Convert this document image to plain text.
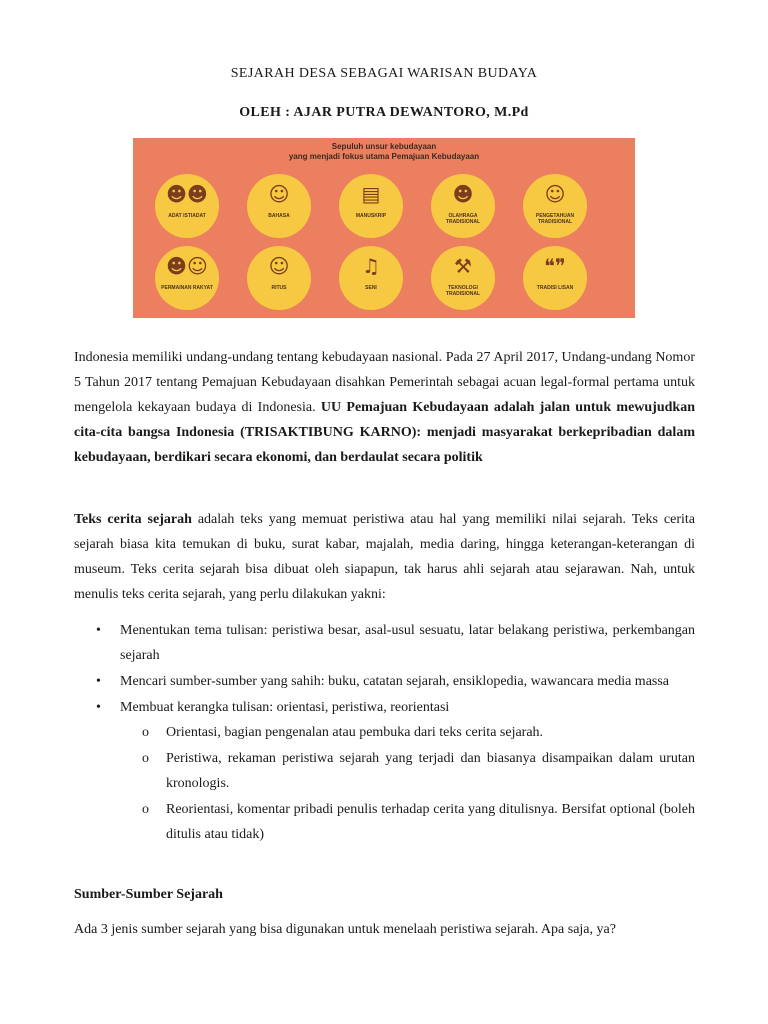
SEJARAH DESA SEBAGAI WARISAN BUDAYA
OLEH : AJAR PUTRA DEWANTORO, M.Pd
Sepuluh unsur kebudayaan
yang menjadi fokus utama Pemajuan Kebudayaan
☻☻
ADAT ISTIADAT
☺
BAHASA
▤
MANUSKRIP
☻
OLAHRAGA TRADISIONAL
☺
PENGETAHUAN TRADISIONAL
☻☺
PERMAINAN RAKYAT
☺
RITUS
♫
SENI
⚒
TEKNOLOGI TRADISIONAL
❝❞
TRADISI LISAN

Indonesia memiliki undang-undang tentang kebudayaan nasional. Pada 27 April 2017, Undang-undang Nomor 5 Tahun 2017 tentang Pemajuan Kebudayaan disahkan Pemerintah sebagai acuan legal-formal pertama untuk mengelola kekayaan budaya di Indonesia. UU Pemajuan Kebudayaan adalah jalan untuk mewujudkan cita-cita bangsa Indonesia (TRISAKTIBUNG KARNO): menjadi masyarakat berkepribadian dalam kebudayaan, berdikari secara ekonomi, dan berdaulat secara politik

Teks cerita sejarah adalah teks yang memuat peristiwa atau hal yang memiliki nilai sejarah. Teks cerita sejarah biasa kita temukan di buku, surat kabar, majalah, media daring, hingga keterangan-keterangan di museum. Teks cerita sejarah bisa dibuat oleh siapapun, tak harus ahli sejarah atau sejarawan. Nah, untuk menulis teks cerita sejarah, yang perlu dilakukan yakni:

• Menentukan tema tulisan: peristiwa besar, asal-usul sesuatu, latar belakang peristiwa, perkembangan sejarah
• Mencari sumber-sumber yang sahih: buku, catatan sejarah, ensiklopedia, wawancara media massa
• Membuat kerangka tulisan: orientasi, peristiwa, reorientasi
o Orientasi, bagian pengenalan atau pembuka dari teks cerita sejarah.
o Peristiwa, rekaman peristiwa sejarah yang terjadi dan biasanya disampaikan dalam urutan kronologis.
o Reorientasi, komentar pribadi penulis terhadap cerita yang ditulisnya. Bersifat optional (boleh ditulis atau tidak)
Sumber-Sumber Sejarah
Ada 3 jenis sumber sejarah yang bisa digunakan untuk menelaah peristiwa sejarah. Apa saja, ya?
